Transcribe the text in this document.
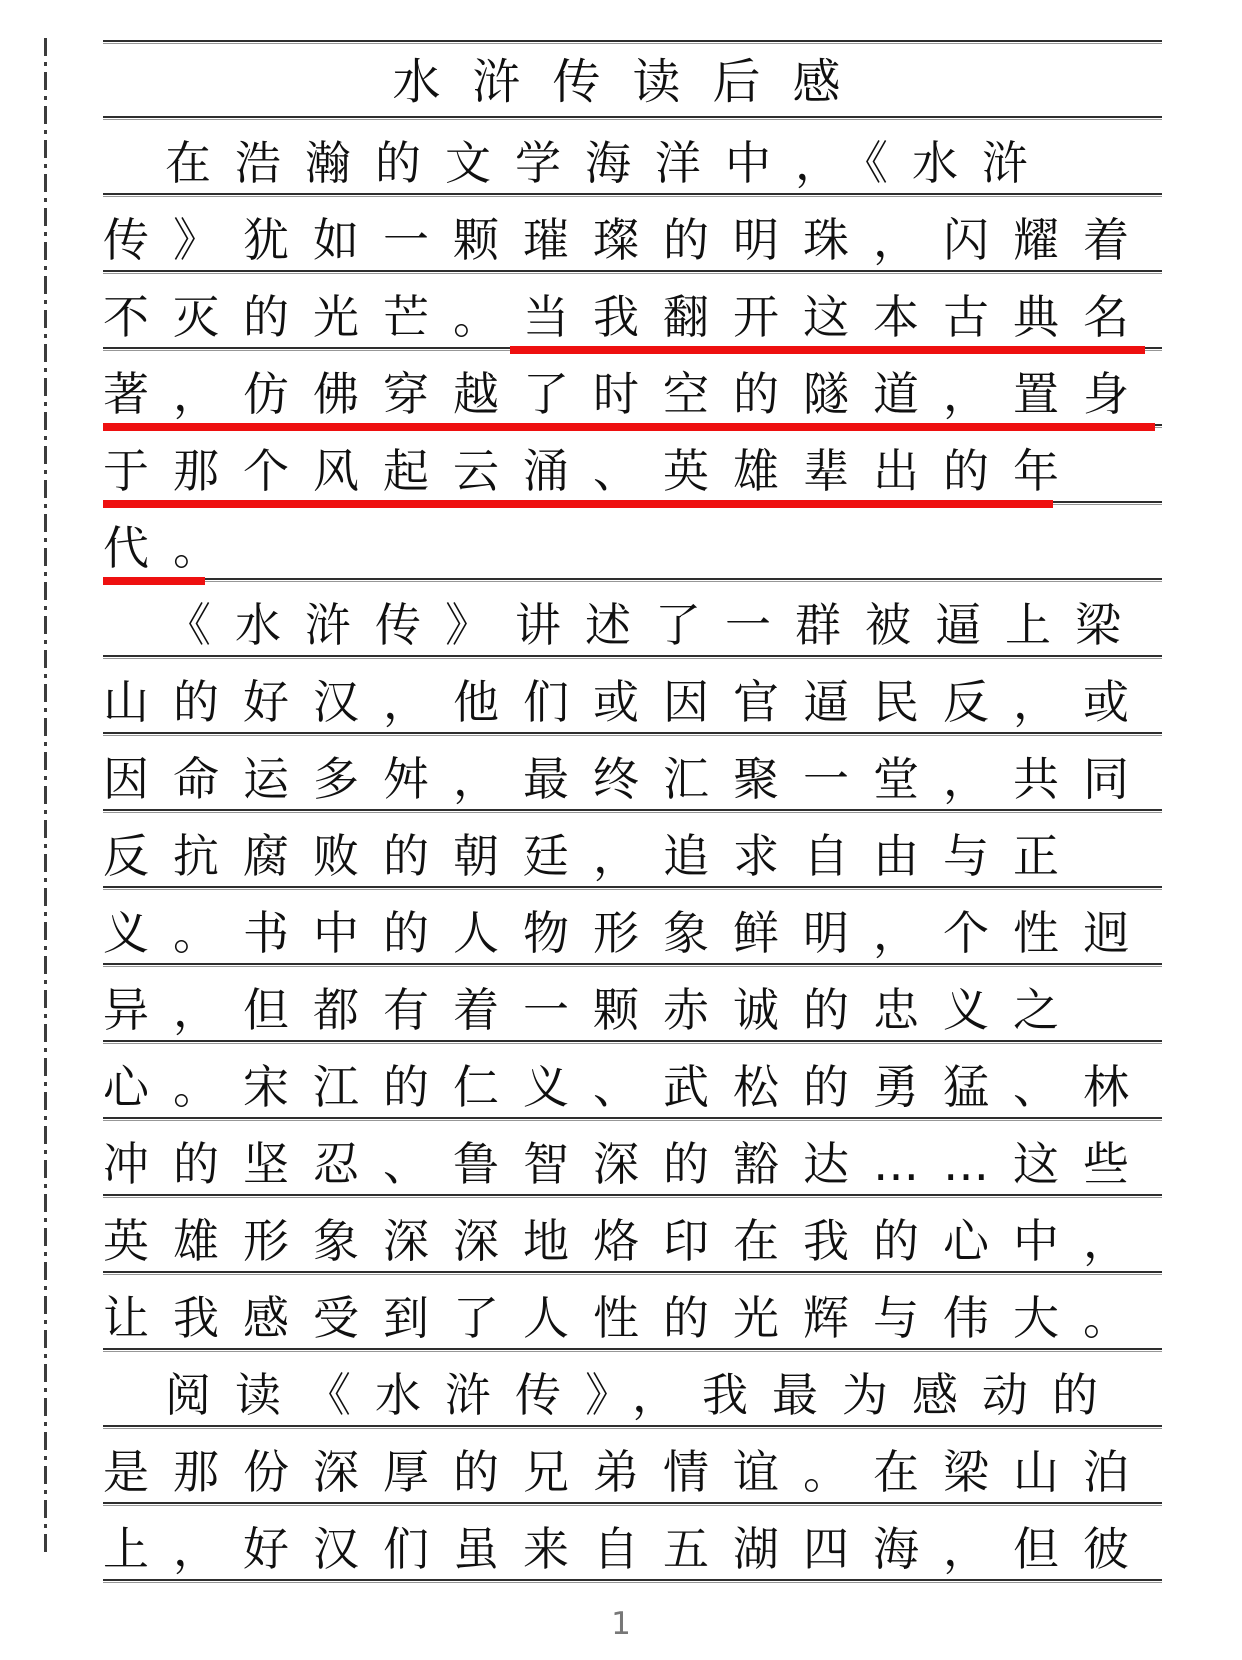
水浒传读后感
在浩瀚的文学海洋中，《水浒
传》犹如一颗璀璨的明珠，闪耀着
不灭的光芒。当我翻开这本古典名
著，仿佛穿越了时空的隧道，置身
于那个风起云涌、英雄辈出的年
代。
《水浒传》讲述了一群被逼上梁
山的好汉，他们或因官逼民反，或
因命运多舛，最终汇聚一堂，共同
反抗腐败的朝廷，追求自由与正
义。书中的人物形象鲜明，个性迥
异，但都有着一颗赤诚的忠义之
心。宋江的仁义、武松的勇猛、林
冲的坚忍、鲁智深的豁达……这些
英雄形象深深地烙印在我的心中，
让我感受到了人性的光辉与伟大。
阅读《水浒传》，我最为感动的
是那份深厚的兄弟情谊。在梁山泊
上，好汉们虽来自五湖四海，但彼
1
